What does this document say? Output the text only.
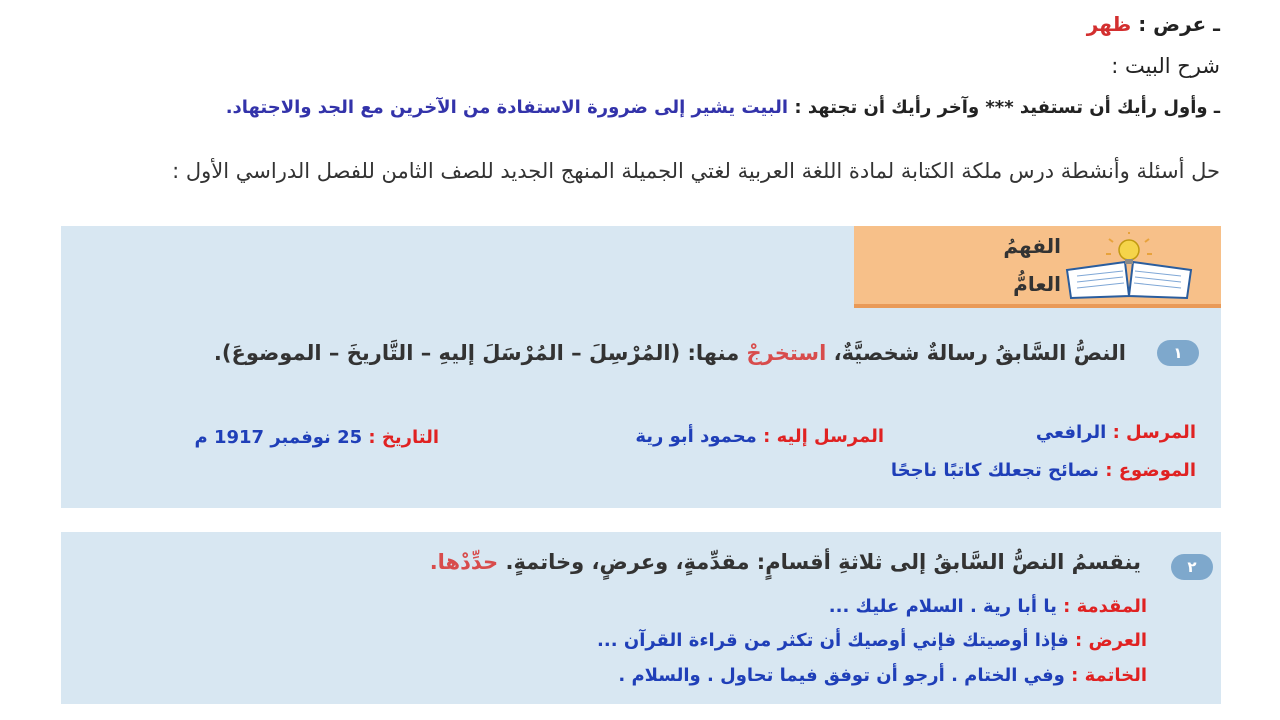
ـ عرض : ظهر
شرح البيت :
ـ وأول رأيك أن تستفيد *** وآخر رأيك أن تجتهد : البيت يشير إلى ضرورة الاستفادة من الآخرين مع الجد والاجتهاد.
حل أسئلة وأنشطة درس ملكة الكتابة لمادة اللغة العربية لغتي الجميلة المنهج الجديد للصف الثامن للفصل الدراسي الأول :
الفهمُ
العامُّ
١
النصُّ السَّابقُ رسالةٌ شخصيَّةٌ، استخرجْ منها: (المُرْسِلَ – المُرْسَلَ إليهِ – التَّاريخَ – الموضوعَ).
المرسل : الرافعي
المرسل إليه : محمود أبو رية
التاريخ : 25 نوفمبر 1917 م
الموضوع : نصائح تجعلك كاتبًا ناجحًا
٢
ينقسمُ النصُّ السَّابقُ إلى ثلاثةِ أقسامٍ: مقدِّمةٍ، وعرضٍ، وخاتمةٍ. حدِّدْها.
المقدمة : يا أبا رية . السلام عليك ...
العرض : فإذا أوصيتك فإني أوصيك أن تكثر من قراءة القرآن ...
الخاتمة : وفي الختام . أرجو أن توفق فيما تحاول . والسلام .
